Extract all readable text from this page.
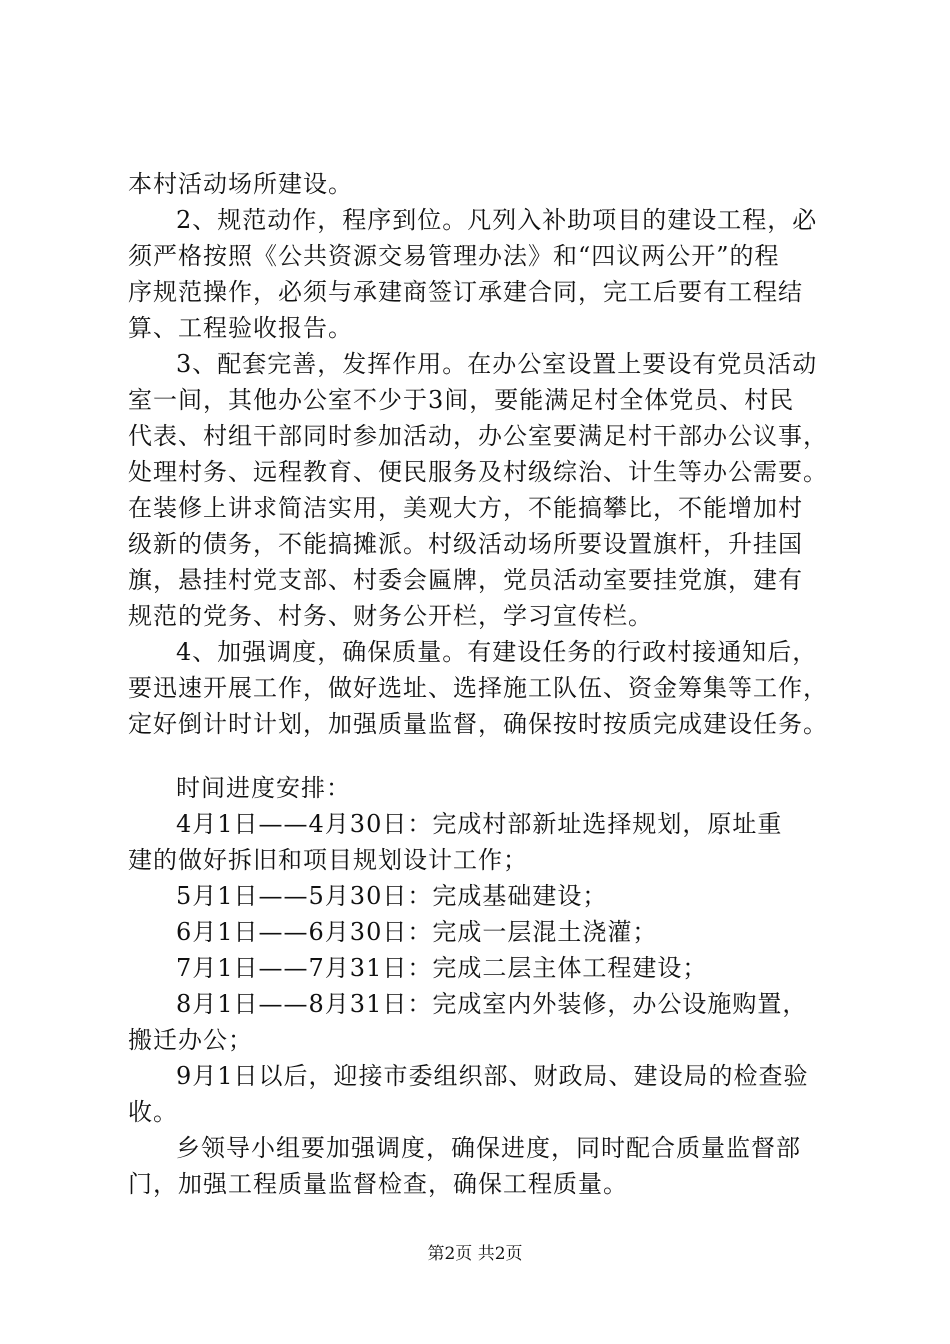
本村活动场所建设。
2、规范动作，程序到位。凡列入补助项目的建设工程，必
须严格按照《公共资源交易管理办法》和“四议两公开”的程
序规范操作，必须与承建商签订承建合同，完工后要有工程结
算、工程验收报告。
3、配套完善，发挥作用。在办公室设置上要设有党员活动
室一间，其他办公室不少于3间，要能满足村全体党员、村民
代表、村组干部同时参加活动，办公室要满足村干部办公议事，
处理村务、远程教育、便民服务及村级综治、计生等办公需要。
在装修上讲求简洁实用，美观大方，不能搞攀比，不能增加村
级新的债务，不能搞摊派。村级活动场所要设置旗杆，升挂国
旗，悬挂村党支部、村委会匾牌，党员活动室要挂党旗，建有
规范的党务、村务、财务公开栏，学习宣传栏。
4、加强调度，确保质量。有建设任务的行政村接通知后，
要迅速开展工作，做好选址、选择施工队伍、资金筹集等工作，
定好倒计时计划，加强质量监督，确保按时按质完成建设任务。
时间进度安排：
4月1日——4月30日：完成村部新址选择规划，原址重
建的做好拆旧和项目规划设计工作；
5月1日——5月30日：完成基础建设；
6月1日——6月30日：完成一层混土浇灌；
7月1日——7月31日：完成二层主体工程建设；
8月1日——8月31日：完成室内外装修，办公设施购置，
搬迁办公；
9月1日以后，迎接市委组织部、财政局、建设局的检查验
收。
乡领导小组要加强调度，确保进度，同时配合质量监督部
门，加强工程质量监督检查，确保工程质量。
第2页 共2页
